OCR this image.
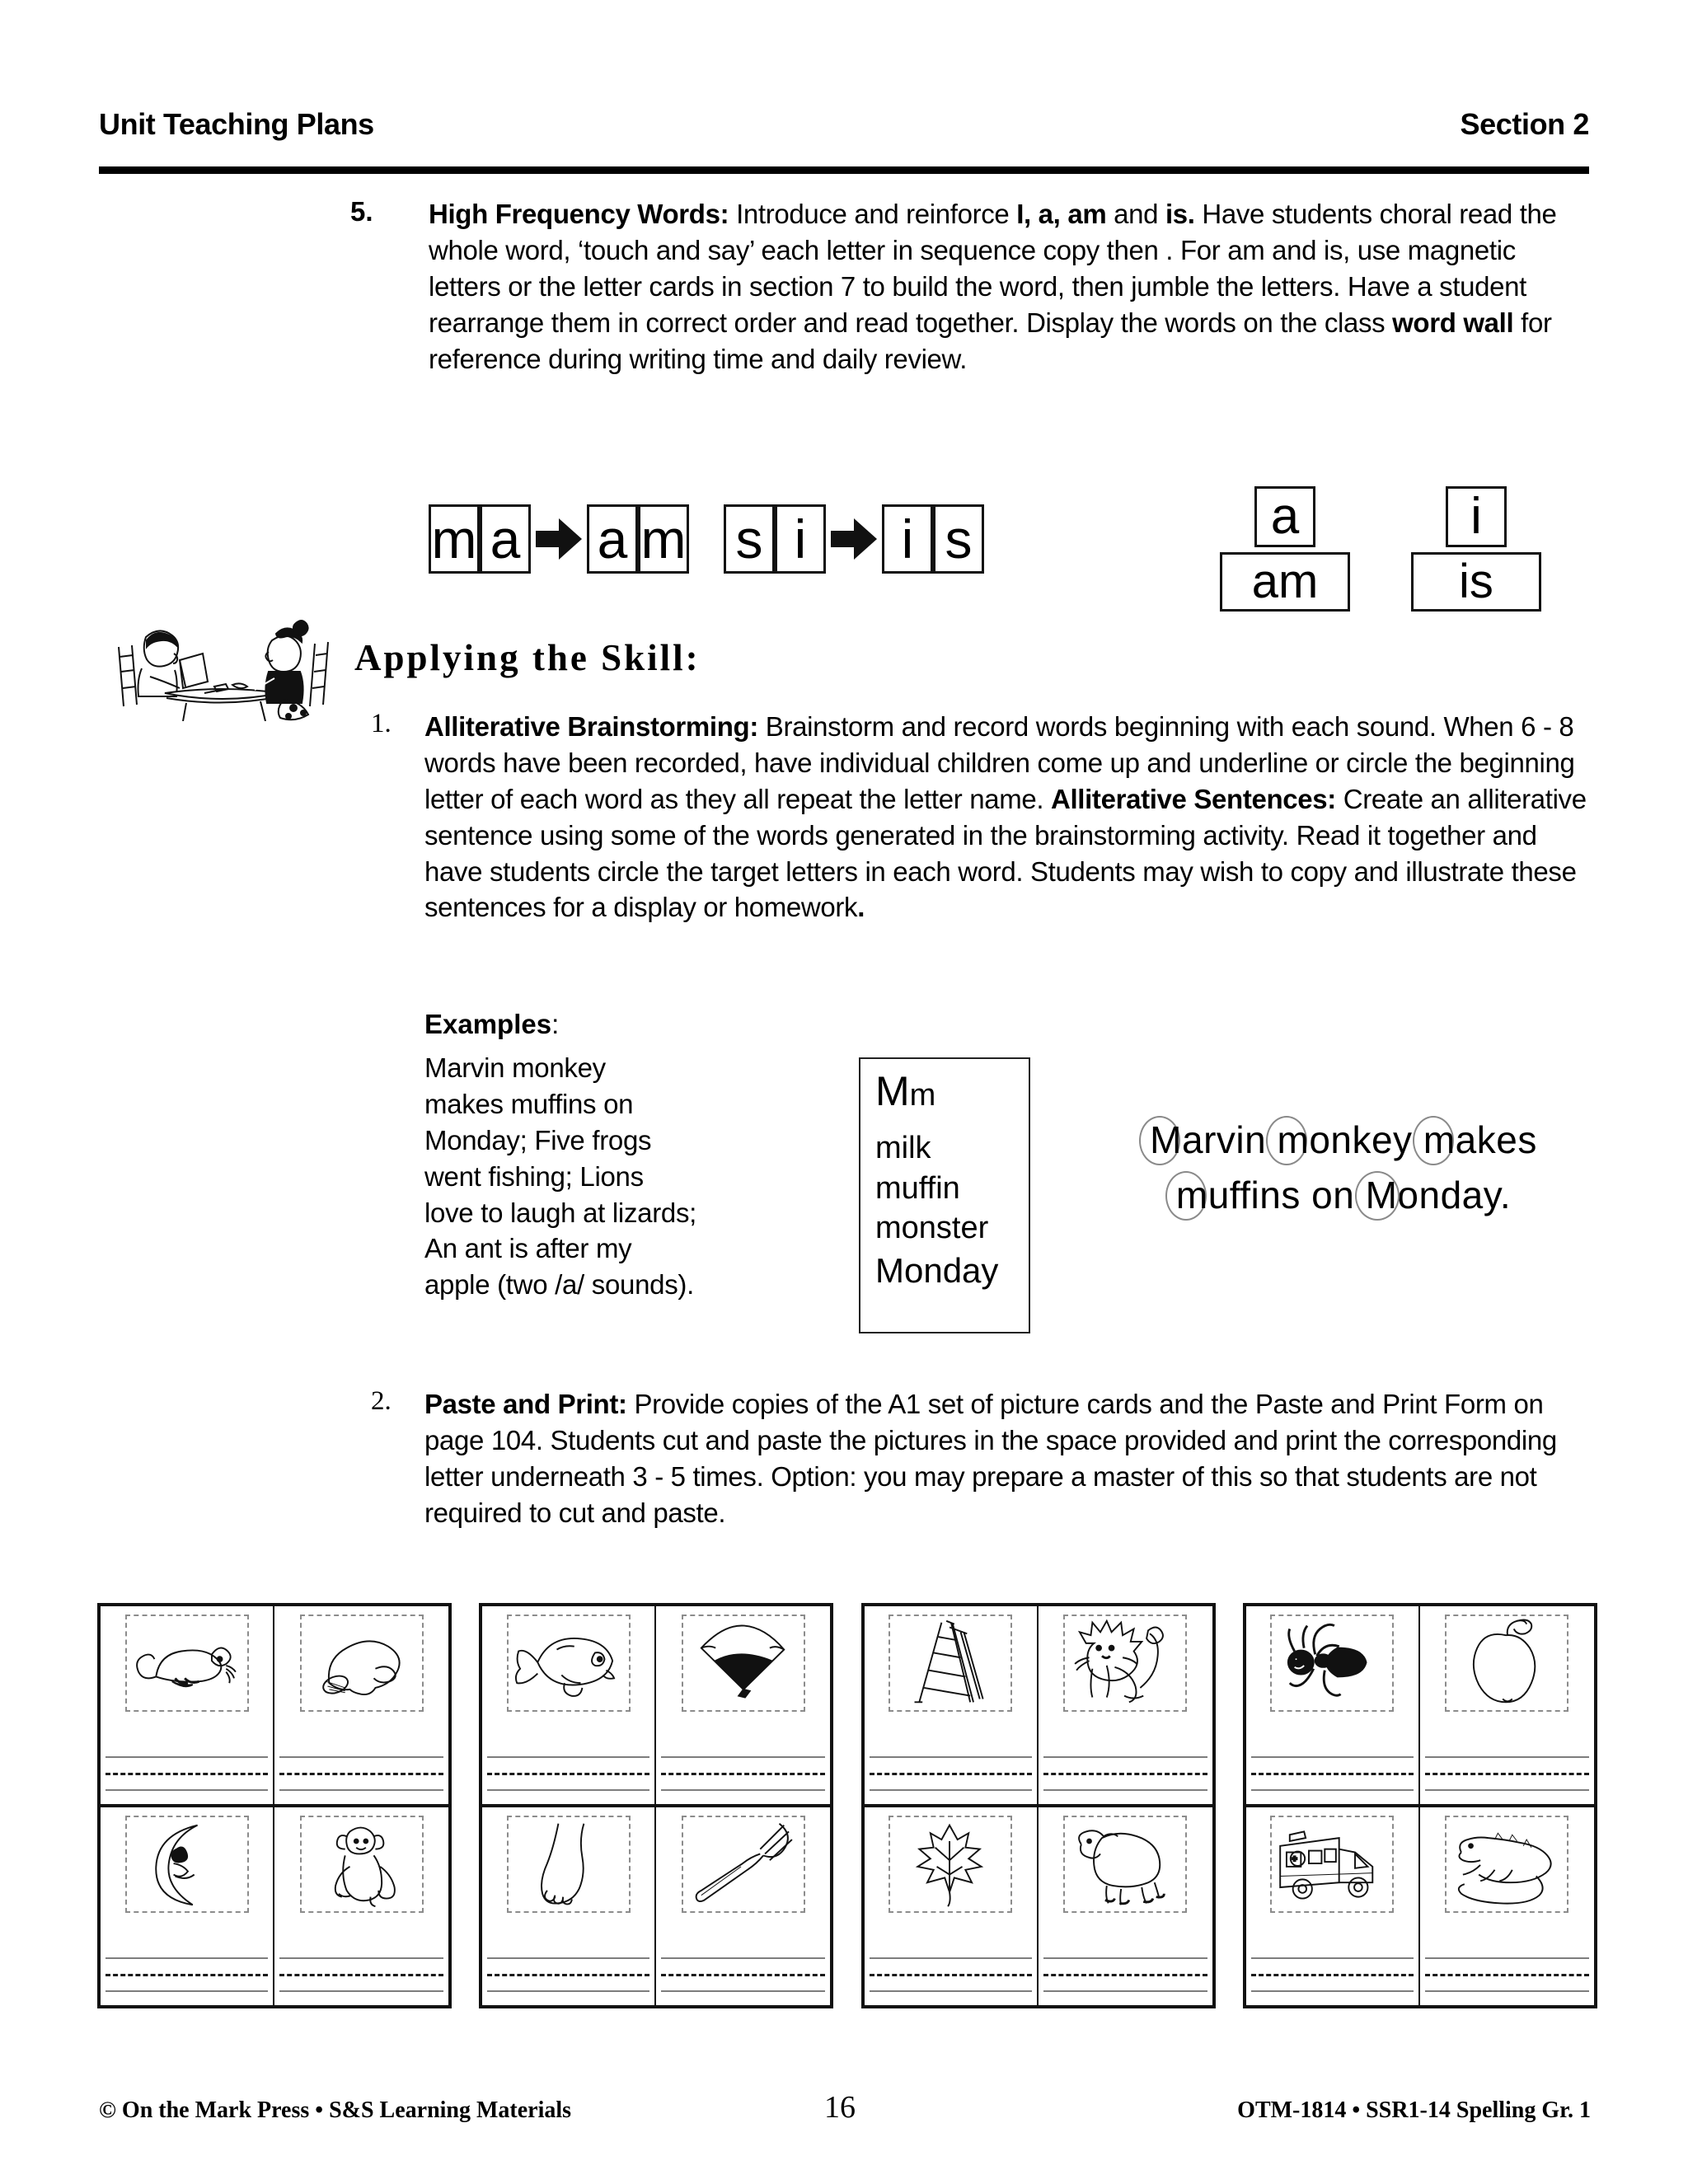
Unit Teaching Plans	Section 2
5.	High Frequency Words: Introduce and reinforce I, a, am and is. Have students choral read the whole word, ‘touch and say’ each letter in sequence copy then . For am and is, use magnetic letters or the letter cards in section 7 to build the word, then jumble the letters. Have a student rearrange them in correct order and read together. Display the words on the class word wall for reference during writing time and daily review.
m a a m s i	i s	a
am
i
is
Applying the Skill:
1.	Alliterative Brainstorming: Brainstorm and record words beginning with each sound. When 6 - 8 words have been recorded, have individual children come up and underline or circle the beginning letter of each word as they all repeat the letter name. Alliterative Sentences: Create an alliterative sentence using some of the words generated in the brainstorming activity. Read it together and have students circle the target letters in each word. Students may wish to copy and illustrate these sentences for a display or homework.
Examples:
Marvin monkey
makes muffins on
Monday; Five frogs
went fishing; Lions
love to laugh at lizards;
An ant is after my
apple (two /a/ sounds).
Mm
milk
muffin
monster
Monday
Marvin monkey makes
muffins on Monday.
2.	Paste and Print: Provide copies of the A1 set of picture cards and the Paste and Print Form on page 104. Students cut and paste the pictures in the space provided and print the corresponding letter underneath 3 - 5 times. Option: you may prepare a master of this so that students are not required to cut and paste.
© On the Mark Press • S&S Learning Materials	16	OTM-1814 • SSR1-14 Spelling Gr. 1
